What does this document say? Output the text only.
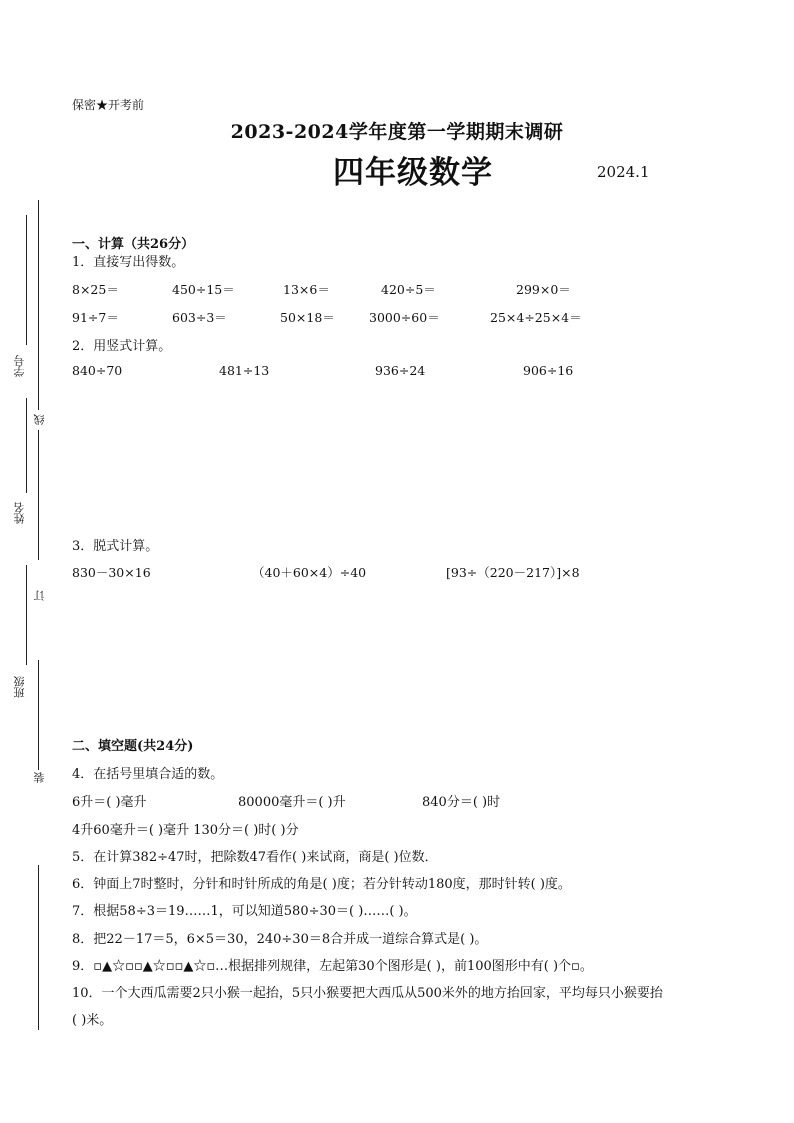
保密★开考前
2023-2024学年度第一学期期末调研
四年级数学	2024.1
学号
线
姓名
订
班级
装
一、计算（共26分）
1．直接写出得数。
8×25＝	450÷15＝	13×6＝	420÷5＝	299×0＝
91÷7＝	603÷3＝	50×18＝	3000÷60＝	25×4÷25×4＝
2．用竖式计算。
840÷70	481÷13	936÷24	906÷16
3．脱式计算。
830－30×16	（40＋60×4）÷40	[93÷（220－217）]×8
二、填空题(共24分)
4．在括号里填合适的数。
6升＝( )毫升	80000毫升＝( )升	840分＝( )时
4升60毫升＝( )毫升 130分＝( )时( )分
5．在计算382÷47时，把除数47看作( )来试商，商是( )位数．
6．钟面上7时整时，分针和时针所成的角是( )度；若分针转动180度，那时针转( )度。
7．根据58÷3＝19……1，可以知道580÷30＝( )……( )。
8．把22－17＝5，6×5＝30，240÷30＝8合并成一道综合算式是( )。
9．▫▲☆▫▫▲☆▫▫▲☆▫…根据排列规律，左起第30个图形是( )，前100图形中有( )个▫。
10．一个大西瓜需要2只小猴一起抬，5只小猴要把大西瓜从500米外的地方抬回家，平均每只小猴要抬
( )米。
